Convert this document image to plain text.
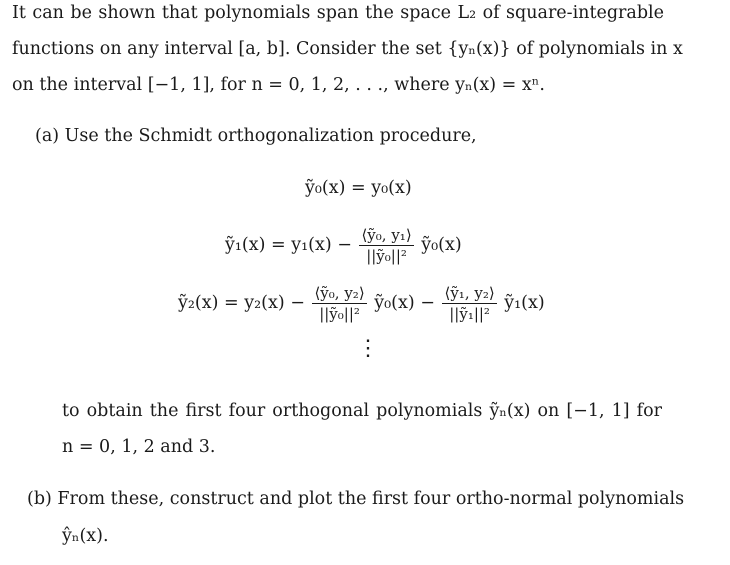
It can be shown that polynomials span the space L₂ of square-integrable
functions on any interval [a, b]. Consider the set {yₙ(x)} of polynomials in x
on the interval [−1, 1], for n = 0, 1, 2, . . ., where yₙ(x) = xⁿ.
(a) Use the Schmidt orthogonalization procedure,
ỹ₀(x) = y₀(x)
ỹ₁(x) = $y_1(x) - \frac{\text{⟨ỹ₀, y₁⟩}}{\text{||ỹ₀||²}}$ ỹ₀(x)
ỹ₂(x) = $y_2(x) - \frac{\text{⟨ỹ₀, y₂⟩}}{\text{||ỹ₀||²}}$ ỹ₀(x) − $\frac{\text{⟨ỹ₁, y₂⟩}}{\text{||ỹ₁||²}}$ ỹ₁(x)
⋮
to obtain the first four orthogonal polynomials ỹₙ(x) on [−1, 1] for
n = 0, 1, 2 and 3.
(b) From these, construct and plot the first four ortho-normal polynomials
ŷₙ(x).
